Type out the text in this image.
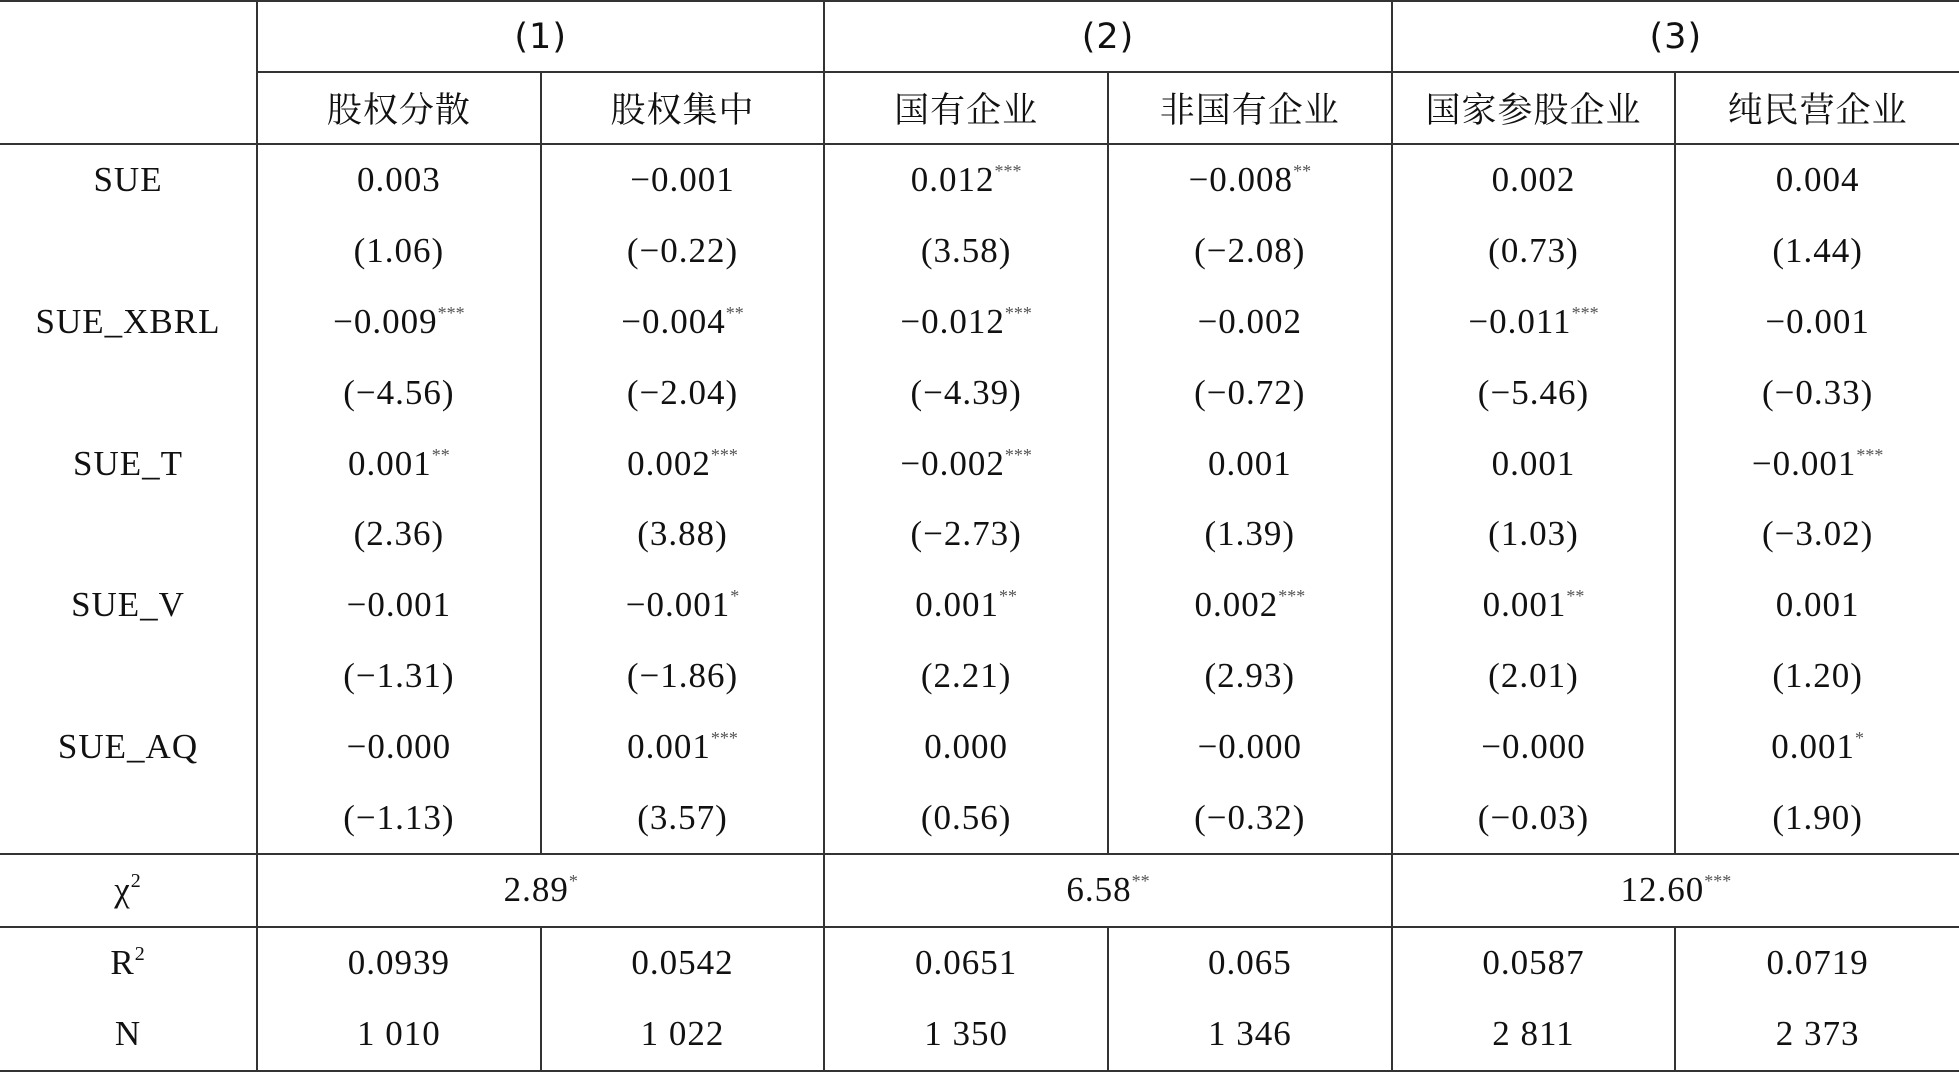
	(1)		(2)		(3)	
	股权分散	股权集中	国有企业	非国有企业	国家参股企业	纯民营企业
SUE	0.003	−0.001	0.012***	−0.008**	0.002	0.004
	(1.06)	(−0.22)	(3.58)	(−2.08)	(0.73)	(1.44)
SUE_XBRL	−0.009***	−0.004**	−0.012***	−0.002	−0.011***	−0.001
	(−4.56)	(−2.04)	(−4.39)	(−0.72)	(−5.46)	(−0.33)
SUE_T	0.001**	0.002***	−0.002***	0.001	0.001	−0.001***
	(2.36)	(3.88)	(−2.73)	(1.39)	(1.03)	(−3.02)
SUE_V	−0.001	−0.001*	0.001**	0.002***	0.001**	0.001
	(−1.31)	(−1.86)	(2.21)	(2.93)	(2.01)	(1.20)
SUE_AQ	−0.000	0.001***	0.000	−0.000	−0.000	0.001*
	(−1.13)	(3.57)	(0.56)	(−0.32)	(−0.03)	(1.90)
$\chi^2$	2.89*		6.58**		12.60***
$R^2$	0.0939	0.0542	0.0651	0.065	0.0587	0.0719
N	1 010	1 022	1 350	1 346	2 811	2 373
